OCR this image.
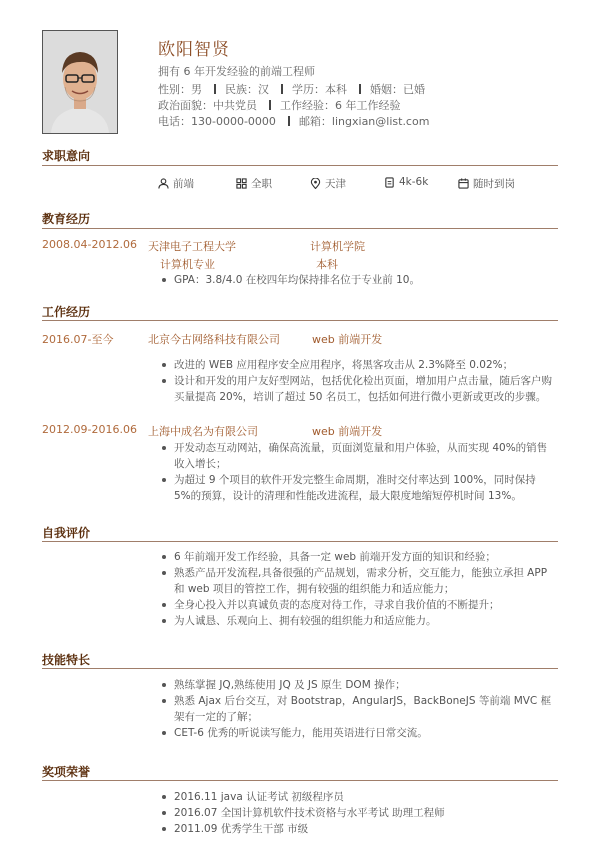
欧阳智贤
拥有 6 年开发经验的前端工程师
性别：男 民族：汉 学历：本科 婚姻：已婚
政治面貌：中共党员 工作经验：6 年工作经验
电话：130-0000-0000 邮箱：lingxian@list.com
求职意向
前端	全职	天津	4k-6k	随时到岗
教育经历
2008.04-2012.06 天津电子工程大学	计算机学院
计算机专业	本科
GPA：3.8/4.0 在校四年均保持排名位于专业前 10。
工作经历
2016.07-至今	北京今古网络科技有限公司	web 前端开发
改进的 WEB 应用程序安全应用程序，将黑客攻击从 2.3%降至 0.02%；
设计和开发的用户友好型网站，包括优化检出页面，增加用户点击量，随后客户购买量提高 20%，培训了超过 50 名员工，包括如何进行微小更新或更改的步骤。
2012.09-2016.06 上海中成名为有限公司	web 前端开发
开发动态互动网站，确保高流量，页面浏览量和用户体验，从而实现 40%的销售收入增长；
为超过 9 个项目的软件开发完整生命周期，准时交付率达到 100%，同时保持 5%的预算，设计的清理和性能改进流程，最大限度地缩短停机时间 13%。
自我评价
6 年前端开发工作经验，具备一定 web 前端开发方面的知识和经验；
熟悉产品开发流程,具备很强的产品规划，需求分析，交互能力，能独立承担 APP 和 web 项目的管控工作，拥有较强的组织能力和适应能力；
全身心投入并以真诚负责的态度对待工作，寻求自我价值的不断提升；
为人诚恳、乐观向上、拥有较强的组织能力和适应能力。
技能特长
熟练掌握 JQ,熟练使用 JQ 及 JS 原生 DOM 操作；
熟悉 Ajax 后台交互，对 Bootstrap，AngularJS，BackBoneJS 等前端 MVC 框架有一定的了解；
CET-6 优秀的听说读写能力，能用英语进行日常交流。
奖项荣誉
2016.11 java 认证考试 初级程序员
2016.07 全国计算机软件技术资格与水平考试 助理工程师
2011.09 优秀学生干部 市级
